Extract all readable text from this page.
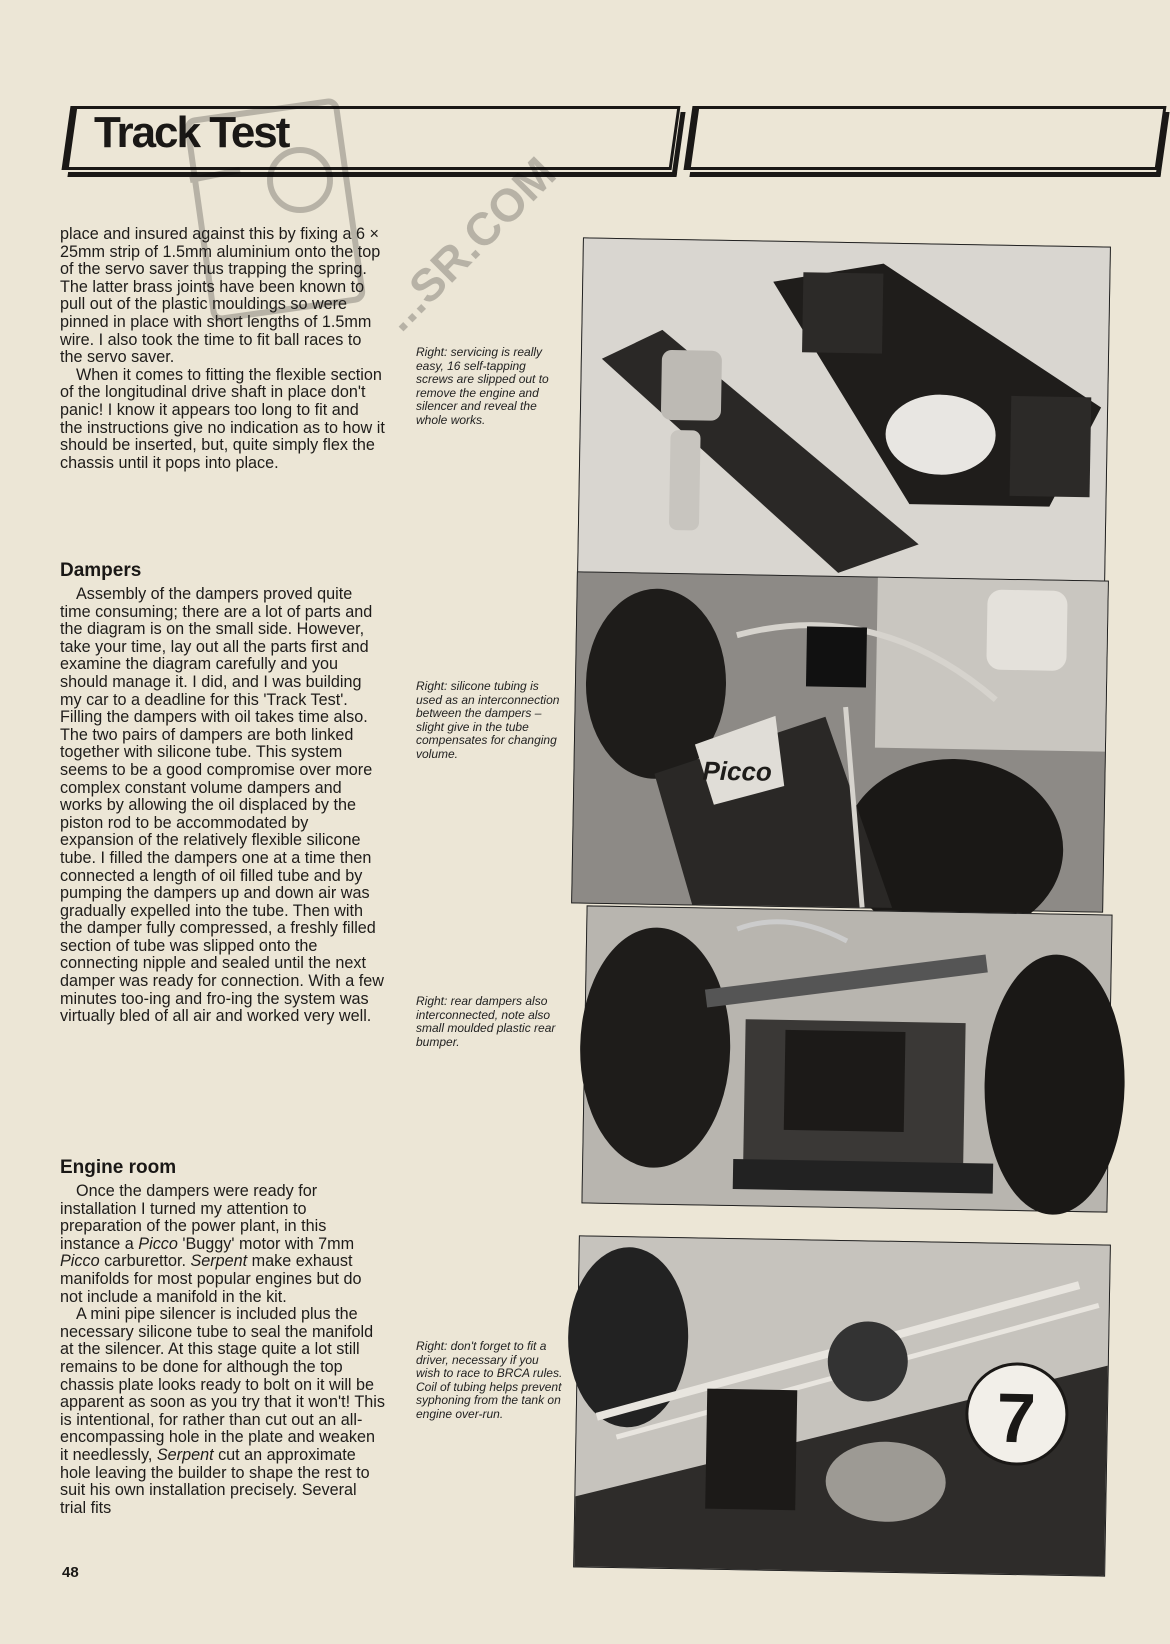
Track Test
...SR.COM

place and insured against this by fixing a 6 × 25mm strip of 1.5mm aluminium onto the top of the servo saver thus trapping the spring. The latter brass joints have been known to pull out of the plastic mouldings so were pinned in place with short lengths of 1.5mm wire. I also took the time to fit ball races to the servo saver.

When it comes to fitting the flexible section of the longitudinal drive shaft in place don't panic! I know it appears too long to fit and the instructions give no indication as to how it should be inserted, but, quite simply flex the chassis until it pops into place.

Dampers

Assembly of the dampers proved quite time consuming; there are a lot of parts and the diagram is on the small side. However, take your time, lay out all the parts first and examine the diagram carefully and you should manage it. I did, and I was building my car to a deadline for this 'Track Test'. Filling the dampers with oil takes time also. The two pairs of dampers are both linked together with silicone tube. This system seems to be a good compromise over more complex constant volume dampers and works by allowing the oil displaced by the piston rod to be accommodated by expansion of the relatively flexible silicone tube. I filled the dampers one at a time then connected a length of oil filled tube and by pumping the dampers up and down air was gradually expelled into the tube. Then with the damper fully compressed, a freshly filled section of tube was slipped onto the connecting nipple and sealed until the next damper was ready for connection. With a few minutes too-ing and fro-ing the system was virtually bled of all air and worked very well.

Engine room

Once the dampers were ready for installation I turned my attention to preparation of the power plant, in this instance a Picco 'Buggy' motor with 7mm Picco carburettor. Serpent make exhaust manifolds for most popular engines but do not include a manifold in the kit.

A mini pipe silencer is included plus the necessary silicone tube to seal the manifold at the silencer. At this stage quite a lot still remains to be done for although the top chassis plate looks ready to bolt on it will be apparent as soon as you try that it won't! This is intentional, for rather than cut out an all-encompassing hole in the plate and weaken it needlessly, Serpent cut an approximate hole leaving the builder to shape the rest to suit his own installation precisely. Several trial fits

Right: servicing is really easy, 16 self-tapping screws are slipped out to remove the engine and silencer and reveal the whole works.
Right: silicone tubing is used as an interconnection between the dampers – slight give in the tube compensates for changing volume.
Right: rear dampers also interconnected, note also small moulded plastic rear bumper.
Right: don't forget to fit a driver, necessary if you wish to race to BRCA rules. Coil of tubing helps prevent syphoning from the tank on engine over-run.
Picco
7
48
